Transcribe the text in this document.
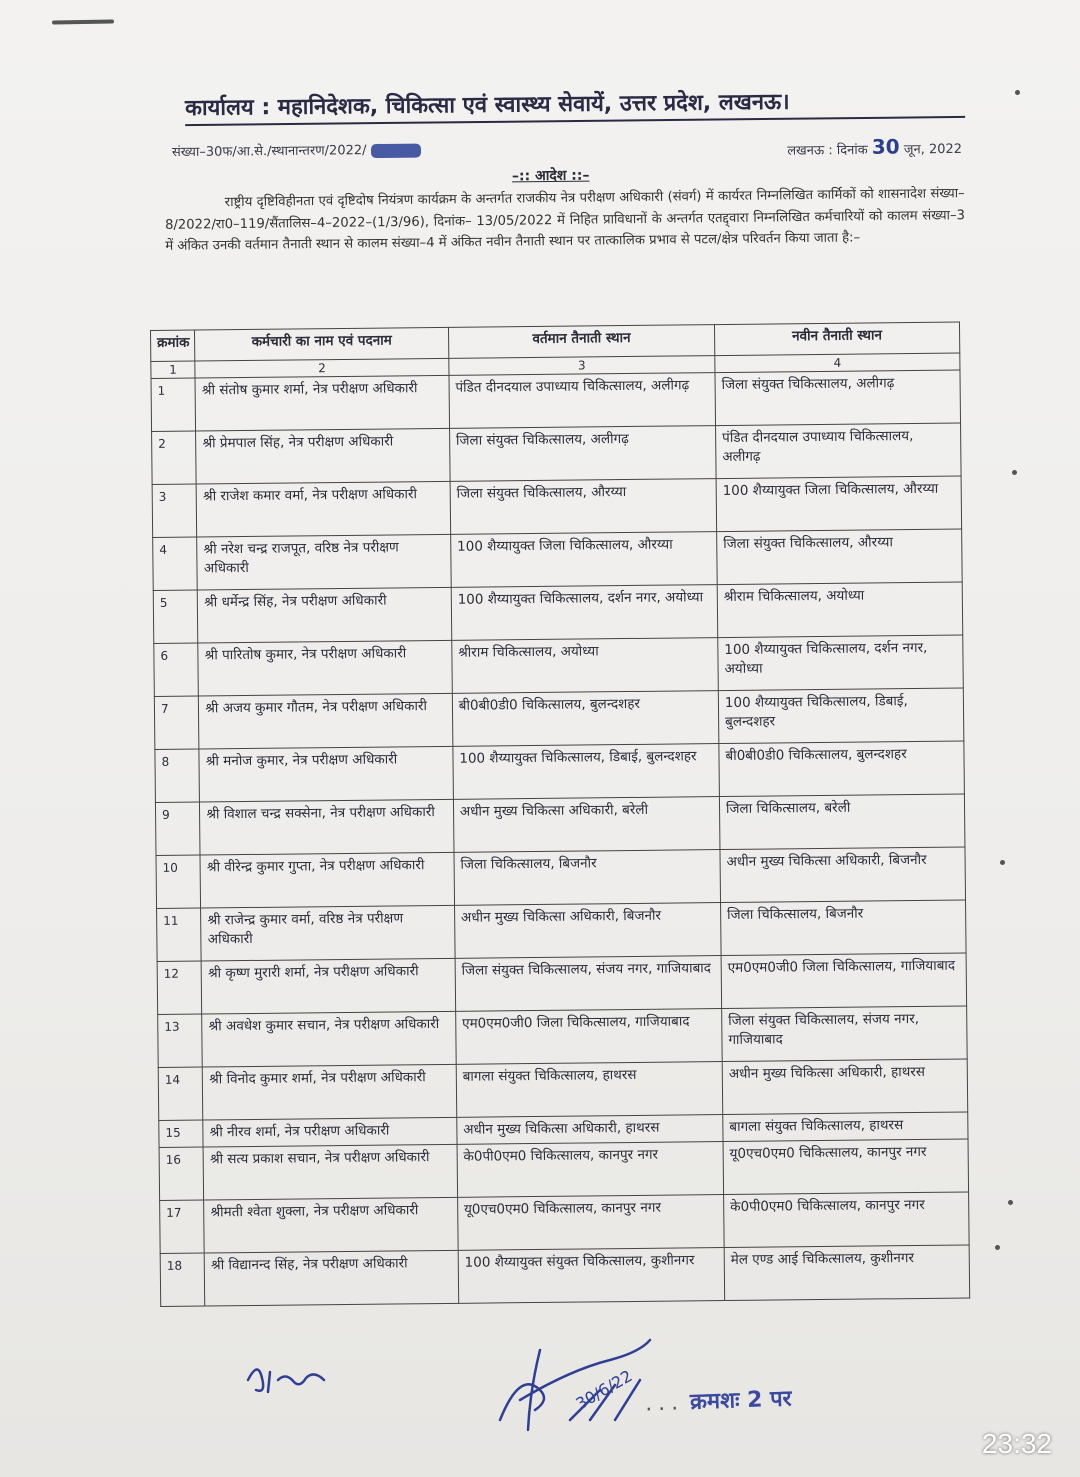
कार्यालय : महानिदेशक, चिकित्सा एवं स्वास्थ्य सेवायें, उत्तर प्रदेश, लखनऊ।
संख्या–30फ/आ.से./स्थानान्तरण/2022/	लखनऊ : दिनांक 30 जून, 2022
–:: आदेश ::–
राष्ट्रीय दृष्टिविहीनता एवं दृष्टिदोष नियंत्रण कार्यक्रम के अन्तर्गत राजकीय नेत्र परीक्षण अधिकारी (संवर्ग) में कार्यरत निम्नलिखित कार्मिकों को शासनादेश संख्या– 8/2022/रा0–119/सैंतालिस–4–2022–(1/3/96), दिनांक– 13/05/2022 में निहित प्राविधानों के अन्तर्गत एतद्द्वारा निम्नलिखित कर्मचारियों को कालम संख्या–3 में अंकित उनकी वर्तमान तैनाती स्थान से कालम संख्या–4 में अंकित नवीन तैनाती स्थान पर तात्कालिक प्रभाव से पटल/क्षेत्र परिवर्तन किया जाता है:–
क्रमांक	कर्मचारी का नाम एवं पदनाम	वर्तमान तैनाती स्थान	नवीन तैनाती स्थान
1	2	3	4
1	श्री संतोष कुमार शर्मा, नेत्र परीक्षण अधिकारी	पंडित दीनदयाल उपाध्याय चिकित्सालय, अलीगढ़	जिला संयुक्त चिकित्सालय, अलीगढ़
2	श्री प्रेमपाल सिंह, नेत्र परीक्षण अधिकारी	जिला संयुक्त चिकित्सालय, अलीगढ़	पंडित दीनदयाल उपाध्याय चिकित्सालय, अलीगढ़
3	श्री राजेश कमार वर्मा, नेत्र परीक्षण अधिकारी	जिला संयुक्त चिकित्सालय, औरय्या	100 शैय्यायुक्त जिला चिकित्सालय, औरय्या
4	श्री नरेश चन्द्र राजपूत, वरिष्ठ नेत्र परीक्षण अधिकारी	100 शैय्यायुक्त जिला चिकित्सालय, औरय्या	जिला संयुक्त चिकित्सालय, औरय्या
5	श्री धर्मेन्द्र सिंह, नेत्र परीक्षण अधिकारी	100 शैय्यायुक्त चिकित्सालय, दर्शन नगर, अयोध्या	श्रीराम चिकित्सालय, अयोध्या
6	श्री पारितोष कुमार, नेत्र परीक्षण अधिकारी	श्रीराम चिकित्सालय, अयोध्या	100 शैय्यायुक्त चिकित्सालय, दर्शन नगर, अयोध्या
7	श्री अजय कुमार गौतम, नेत्र परीक्षण अधिकारी	बी0बी0डी0 चिकित्सालय, बुलन्दशहर	100 शैय्यायुक्त चिकित्सालय, डिबाई, बुलन्दशहर
8	श्री मनोज कुमार, नेत्र परीक्षण अधिकारी	100 शैय्यायुक्त चिकित्सालय, डिबाई, बुलन्दशहर	बी0बी0डी0 चिकित्सालय, बुलन्दशहर
9	श्री विशाल चन्द्र सक्सेना, नेत्र परीक्षण अधिकारी	अधीन मुख्य चिकित्सा अधिकारी, बरेली	जिला चिकित्सालय, बरेली
10	श्री वीरेन्द्र कुमार गुप्ता, नेत्र परीक्षण अधिकारी	जिला चिकित्सालय, बिजनौर	अधीन मुख्य चिकित्सा अधिकारी, बिजनौर
11	श्री राजेन्द्र कुमार वर्मा, वरिष्ठ नेत्र परीक्षण अधिकारी	अधीन मुख्य चिकित्सा अधिकारी, बिजनौर	जिला चिकित्सालय, बिजनौर
12	श्री कृष्ण मुरारी शर्मा, नेत्र परीक्षण अधिकारी	जिला संयुक्त चिकित्सालय, संजय नगर, गाजियाबाद	एम0एम0जी0 जिला चिकित्सालय, गाजियाबाद
13	श्री अवधेश कुमार सचान, नेत्र परीक्षण अधिकारी	एम0एम0जी0 जिला चिकित्सालय, गाजियाबाद	जिला संयुक्त चिकित्सालय, संजय नगर, गाजियाबाद
14	श्री विनोद कुमार शर्मा, नेत्र परीक्षण अधिकारी	बागला संयुक्त चिकित्सालय, हाथरस	अधीन मुख्य चिकित्सा अधिकारी, हाथरस
15	श्री नीरव शर्मा, नेत्र परीक्षण अधिकारी	अधीन मुख्य चिकित्सा अधिकारी, हाथरस	बागला संयुक्त चिकित्सालय, हाथरस
16	श्री सत्य प्रकाश सचान, नेत्र परीक्षण अधिकारी	के0पी0एम0 चिकित्सालय, कानपुर नगर	यू0एच0एम0 चिकित्सालय, कानपुर नगर
17	श्रीमती श्वेता शुक्ला, नेत्र परीक्षण अधिकारी	यू0एच0एम0 चिकित्सालय, कानपुर नगर	के0पी0एम0 चिकित्सालय, कानपुर नगर
18	श्री विद्यानन्द सिंह, नेत्र परीक्षण अधिकारी	100 शैय्यायुक्त संयुक्त चिकित्सालय, कुशीनगर	मेल एण्ड आई चिकित्सालय, कुशीनगर
30/6/22 ... क्रमशः 2 पर
23:32
